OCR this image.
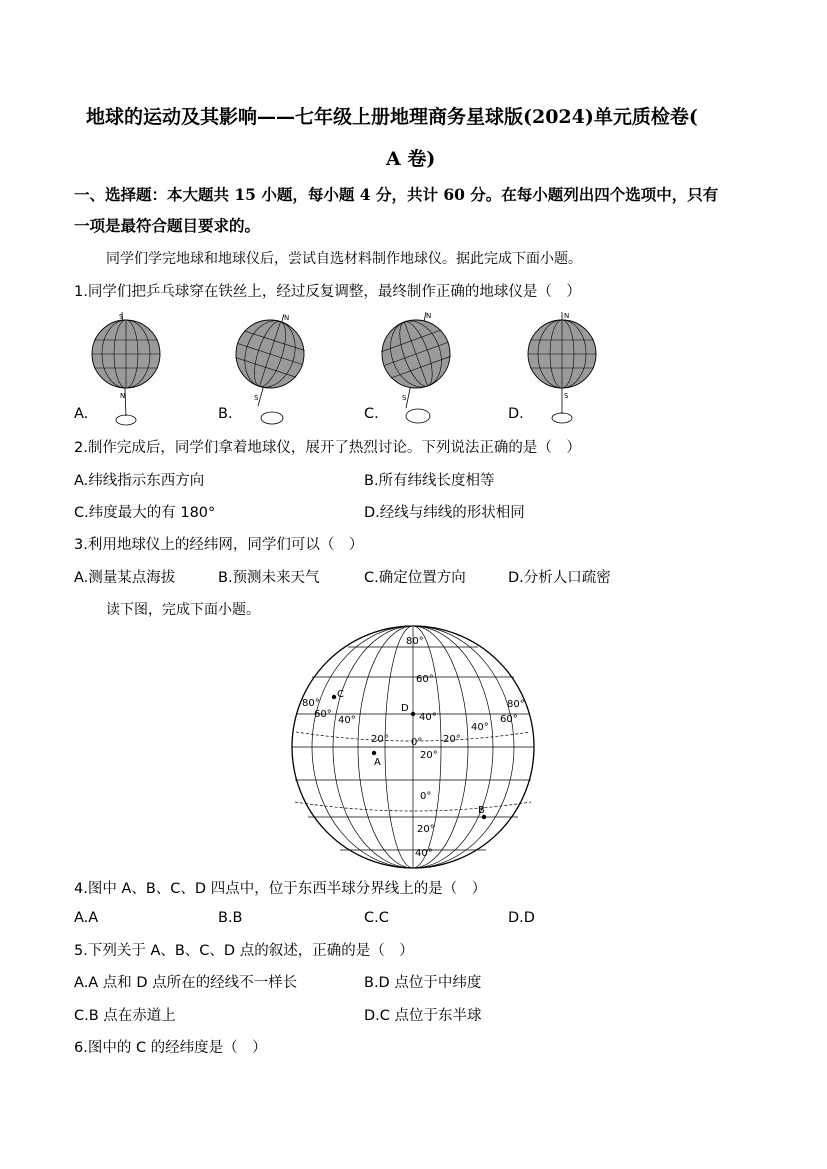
地球的运动及其影响——七年级上册地理商务星球版(2024)单元质检卷(
A 卷)
一、选择题：本大题共 15 小题，每小题 4 分，共计 60 分。在每小题列出四个选项中，只有
一项是最符合题目要求的。
同学们学完地球和地球仪后，尝试自选材料制作地球仪。据此完成下面小题。
1.同学们把乒乓球穿在铁丝上，经过反复调整，最终制作正确的地球仪是（　）
S
N
A.
N
S
B.
N
S
C.
N
S
D.
2.制作完成后，同学们拿着地球仪，展开了热烈讨论。下列说法正确的是（　）
A.纬线指示东西方向	B.所有纬线长度相等
C.纬度最大的有 180°	D.经线与纬线的形状相同
3.利用地球仪上的经纬网，同学们可以（　）
A.测量某点海拔	B.预测未来天气	C.确定位置方向	D.分析人口疏密
读下图，完成下面小题。
80°
60°
40°
20°
0°
20°
40°
80°
60°
40°
20° 0° 20°
40°
60°
80°
C
D
A
B
4.图中 A、B、C、D 四点中，位于东西半球分界线上的是（　）
A.A	B.B	C.C	D.D
5.下列关于 A、B、C、D 点的叙述，正确的是（　）
A.A 点和 D 点所在的经线不一样长	B.D 点位于中纬度
C.B 点在赤道上	D.C 点位于东半球
6.图中的 C 的经纬度是（　）
